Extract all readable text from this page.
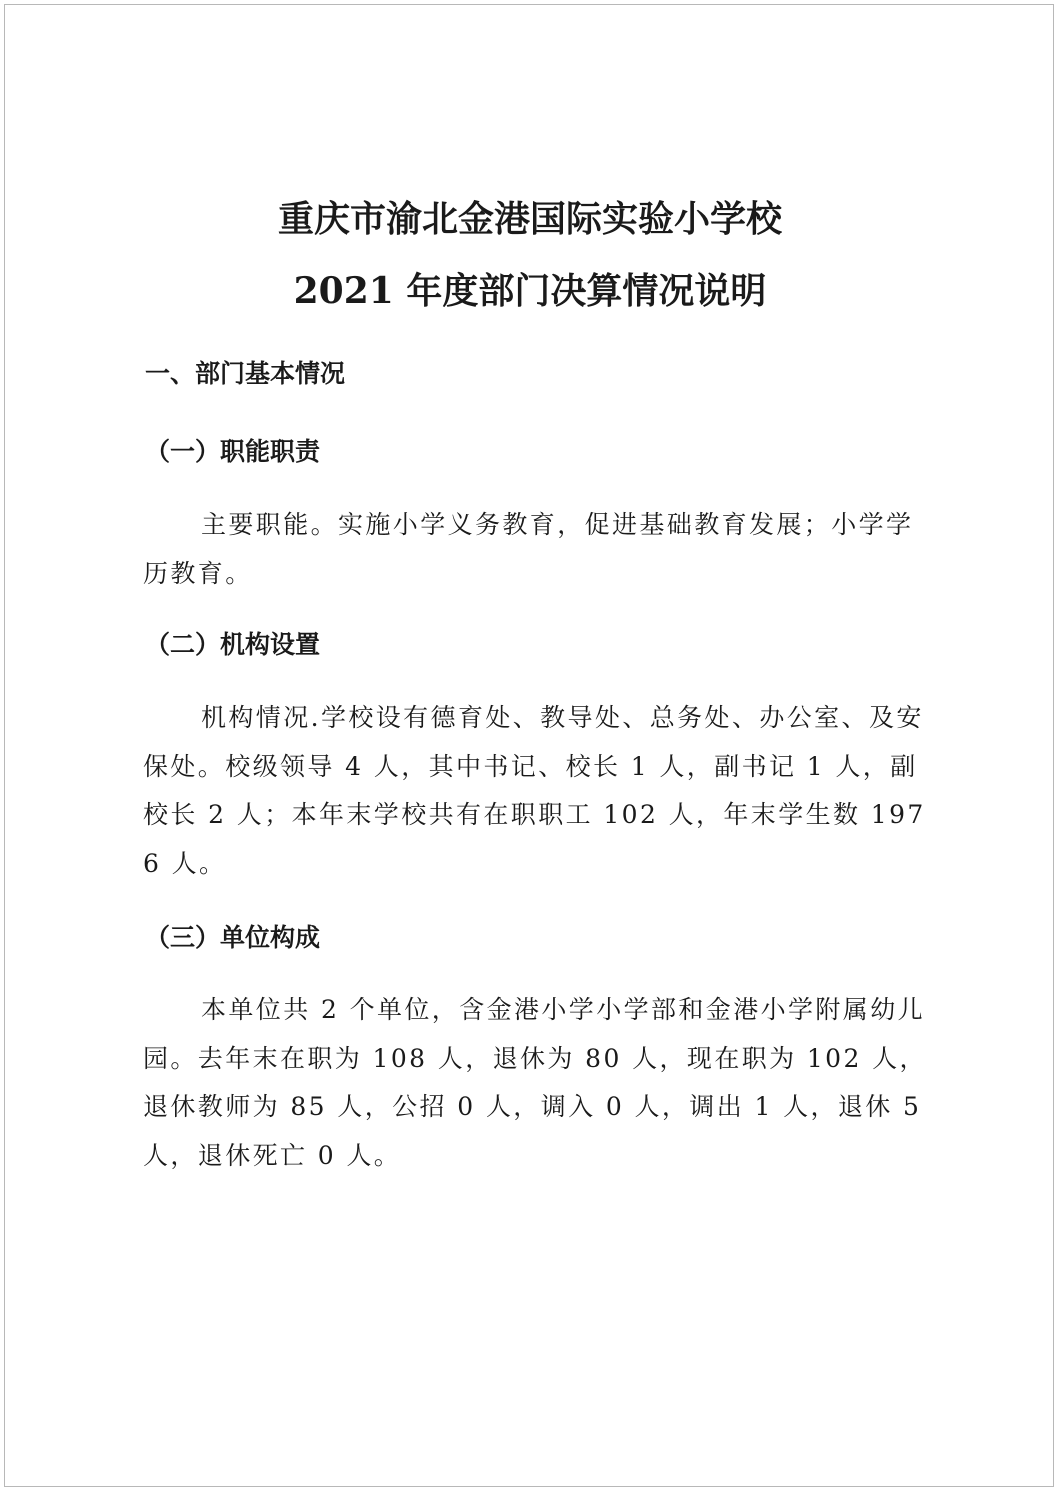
重庆市渝北金港国际实验小学校
2021 年度部门决算情况说明
一、部门基本情况
（一）职能职责

主要职能。实施小学义务教育，促进基础教育发展；小学学历教育。

（二）机构设置

机构情况.学校设有德育处、教导处、总务处、办公室、及安保处。校级领导 4 人，其中书记、校长 1 人，副书记 1 人，副校长 2 人；本年末学校共有在职职工 102 人，年末学生数 1976 人。

（三）单位构成

本单位共 2 个单位，含金港小学小学部和金港小学附属幼儿园。去年末在职为 108 人，退休为 80 人，现在职为 102 人，退休教师为 85 人，公招 0 人，调入 0 人，调出 1 人，退休 5 人，退休死亡 0 人。
